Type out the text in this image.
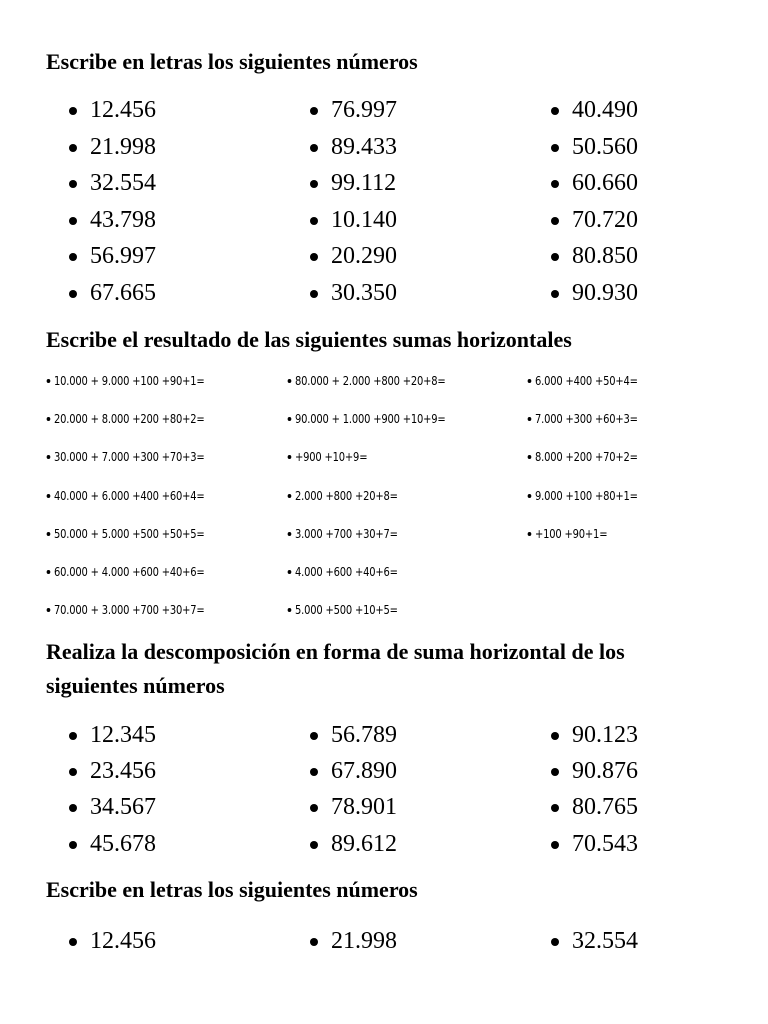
Escribe en letras los siguientes números
12.456
21.998
32.554
43.798
56.997
67.665
76.997
89.433
99.112
10.140
20.290
30.350
40.490
50.560
60.660
70.720
80.850
90.930
Escribe el resultado de las siguientes sumas horizontales
10.000 + 9.000 +100 +90+1=
20.000 + 8.000 +200 +80+2=
30.000 + 7.000 +300 +70+3=
40.000 + 6.000 +400 +60+4=
50.000 + 5.000 +500 +50+5=
60.000 + 4.000 +600 +40+6=
70.000 + 3.000 +700 +30+7=
80.000 + 2.000 +800 +20+8=
90.000 + 1.000 +900 +10+9=
+900 +10+9=
2.000 +800 +20+8=
3.000 +700 +30+7=
4.000 +600 +40+6=
5.000 +500 +10+5=
6.000 +400 +50+4=
7.000 +300 +60+3=
8.000 +200 +70+2=
9.000 +100 +80+1=
+100 +90+1=
Realiza la descomposición en forma de suma horizontal de los
siguientes números
12.345
23.456
34.567
45.678
56.789
67.890
78.901
89.612
90.123
90.876
80.765
70.543
Escribe en letras los siguientes números
12.456	21.998	32.554
